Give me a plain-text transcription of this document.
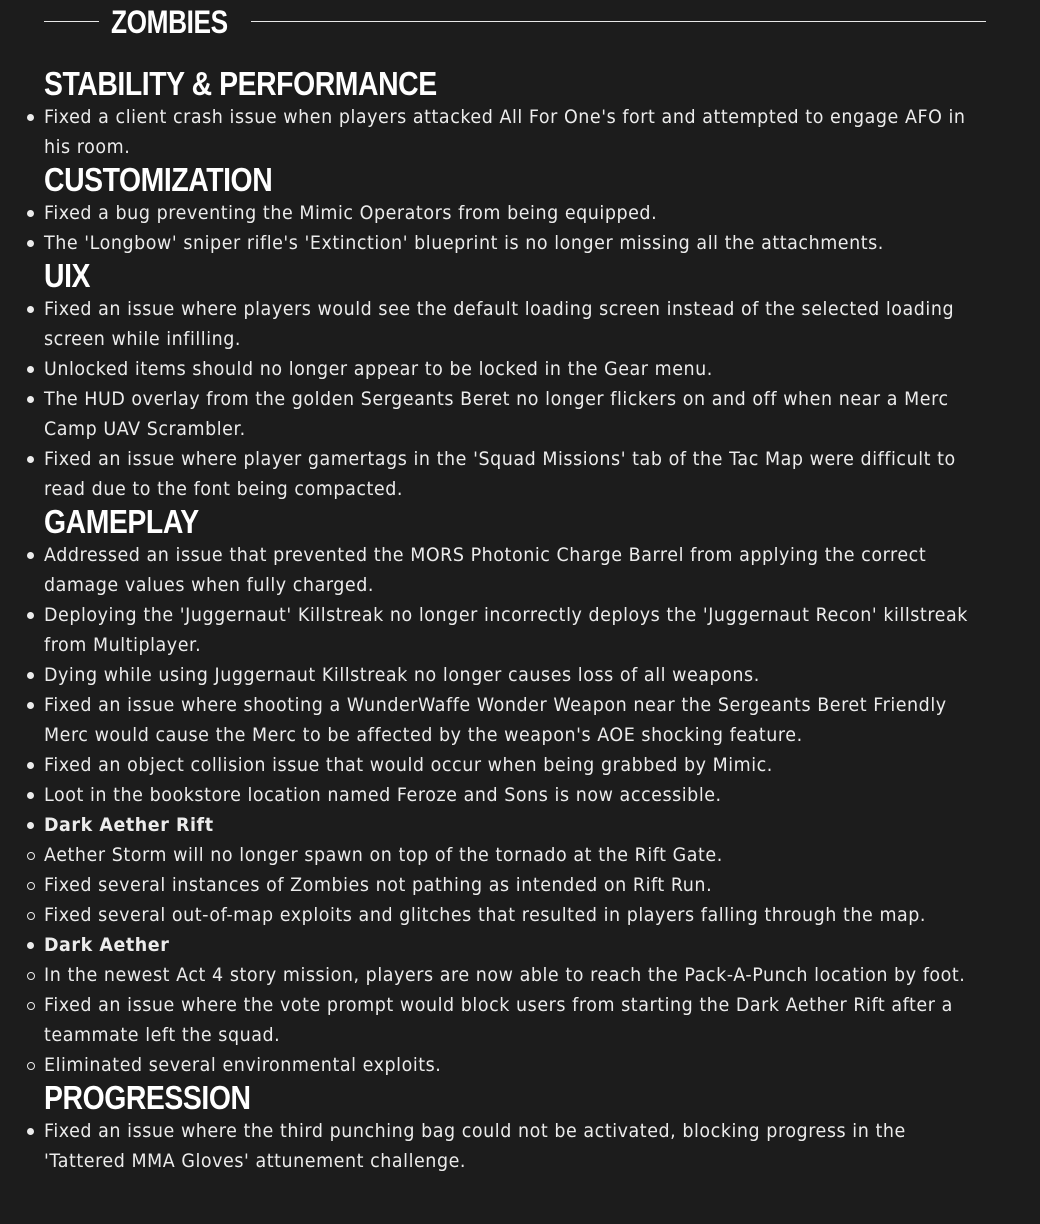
ZOMBIES
STABILITY & PERFORMANCE
Fixed a client crash issue when players attacked All For One's fort and attempted to engage AFO in his room.
CUSTOMIZATION
Fixed a bug preventing the Mimic Operators from being equipped.
The 'Longbow' sniper rifle's 'Extinction' blueprint is no longer missing all the attachments.
UIX
Fixed an issue where players would see the default loading screen instead of the selected loading screen while infilling.
Unlocked items should no longer appear to be locked in the Gear menu.
The HUD overlay from the golden Sergeants Beret no longer flickers on and off when near a Merc Camp UAV Scrambler.
Fixed an issue where player gamertags in the 'Squad Missions' tab of the Tac Map were difficult to read due to the font being compacted.
GAMEPLAY
Addressed an issue that prevented the MORS Photonic Charge Barrel from applying the correct damage values when fully charged.
Deploying the 'Juggernaut' Killstreak no longer incorrectly deploys the 'Juggernaut Recon' killstreak from Multiplayer.
Dying while using Juggernaut Killstreak no longer causes loss of all weapons.
Fixed an issue where shooting a WunderWaffe Wonder Weapon near the Sergeants Beret Friendly Merc would cause the Merc to be affected by the weapon's AOE shocking feature.
Fixed an object collision issue that would occur when being grabbed by Mimic.
Loot in the bookstore location named Feroze and Sons is now accessible.
Dark Aether Rift
Aether Storm will no longer spawn on top of the tornado at the Rift Gate.
Fixed several instances of Zombies not pathing as intended on Rift Run.
Fixed several out-of-map exploits and glitches that resulted in players falling through the map.
Dark Aether
In the newest Act 4 story mission, players are now able to reach the Pack-A-Punch location by foot.
Fixed an issue where the vote prompt would block users from starting the Dark Aether Rift after a teammate left the squad.
Eliminated several environmental exploits.
PROGRESSION
Fixed an issue where the third punching bag could not be activated, blocking progress in the 'Tattered MMA Gloves' attunement challenge.
